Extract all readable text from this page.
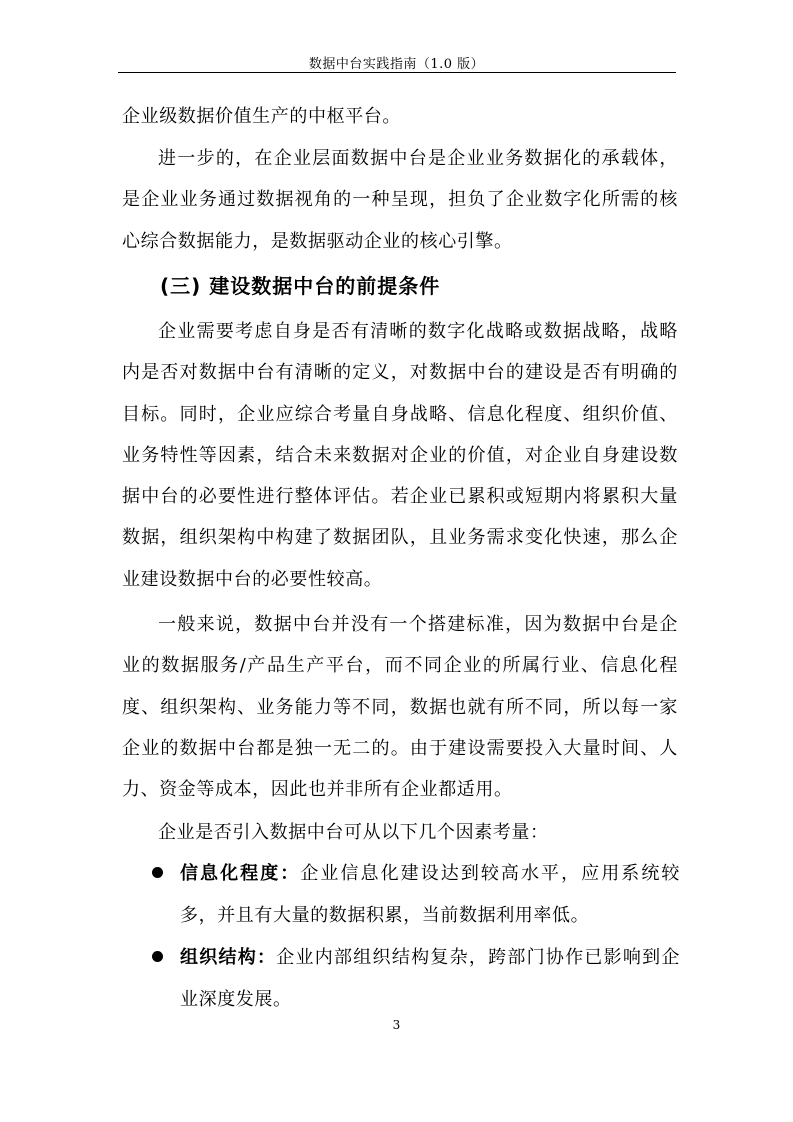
数据中台实践指南（1.0 版）
企业级数据价值生产的中枢平台。
进一步的，在企业层面数据中台是企业业务数据化的承载体，是企业业务通过数据视角的一种呈现，担负了企业数字化所需的核心综合数据能力，是数据驱动企业的核心引擎。
(三) 建设数据中台的前提条件
企业需要考虑自身是否有清晰的数字化战略或数据战略，战略内是否对数据中台有清晰的定义，对数据中台的建设是否有明确的目标。同时，企业应综合考量自身战略、信息化程度、组织价值、业务特性等因素，结合未来数据对企业的价值，对企业自身建设数据中台的必要性进行整体评估。若企业已累积或短期内将累积大量数据，组织架构中构建了数据团队，且业务需求变化快速，那么企业建设数据中台的必要性较高。
一般来说，数据中台并没有一个搭建标准，因为数据中台是企业的数据服务/产品生产平台，而不同企业的所属行业、信息化程度、组织架构、业务能力等不同，数据也就有所不同，所以每一家企业的数据中台都是独一无二的。由于建设需要投入大量时间、人力、资金等成本，因此也并非所有企业都适用。
企业是否引入数据中台可从以下几个因素考量：
信息化程度：企业信息化建设达到较高水平，应用系统较多，并且有大量的数据积累，当前数据利用率低。
组织结构：企业内部组织结构复杂，跨部门协作已影响到企业深度发展。
3
